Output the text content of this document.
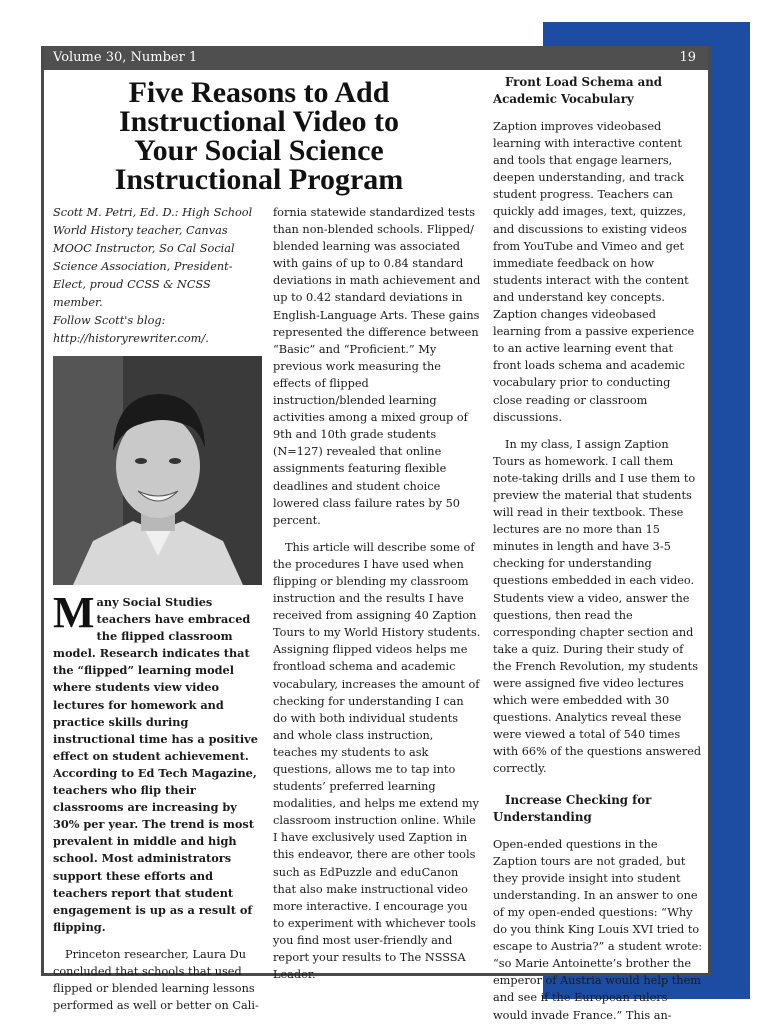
Volume 30, Number 1	19
Five Reasons to Add Instructional Video to Your Social Science Instructional Program

Scott M. Petri, Ed. D.: High School World History teacher, Canvas MOOC Instructor, So Cal Social Science Association, President-Elect, proud CCSS & NCSS member.

Follow Scott's blog:

http://historyrewriter.com/.

Many Social Studies teachers have embraced the flipped classroom model. Research indicates that the “flipped” learning model where students view video lectures for homework and practice skills during instructional time has a positive effect on student achievement. According to Ed Tech Magazine, teachers who flip their classrooms are increasing by 30% per year. The trend is most prevalent in middle and high school. Most administrators support these efforts and teachers report that student engagement is up as a result of flipping.

Princeton researcher, Laura Du concluded that schools that used flipped or blended learning lessons performed as well or better on Cali-

fornia statewide standardized tests than non-blended schools. Flipped/ blended learning was associated with gains of up to 0.84 standard deviations in math achievement and up to 0.42 standard deviations in English-Language Arts. These gains represented the difference between “Basic” and “Proficient.” My previous work measuring the effects of flipped instruction/blended learning activities among a mixed group of 9th and 10th grade students (N=127) revealed that online assignments featuring flexible deadlines and student choice lowered class failure rates by 50 percent.

This article will describe some of the procedures I have used when flipping or blending my classroom instruction and the results I have received from assigning 40 Zaption Tours to my World History students. Assigning flipped videos helps me frontload schema and academic vocabulary, increases the amount of checking for understanding I can do with both individual students and whole class instruction, teaches my students to ask questions, allows me to tap into students’ preferred learning modalities, and helps me extend my classroom instruction online. While I have exclusively used Zaption in this endeavor, there are other tools such as EdPuzzle and eduCanon that also make instructional video more interactive. I encourage you to experiment with whichever tools you find most user-friendly and report your results to The NSSSA Leader.

Front Load Schema and Academic Vocabulary

Zaption improves videobased learning with interactive content and tools that engage learners, deepen understanding, and track student progress. Teachers can quickly add images, text, quizzes, and discussions to existing videos from YouTube and Vimeo and get immediate feedback on how students interact with the content and understand key concepts. Zaption changes videobased learning from a passive experience to an active learning event that front loads schema and academic vocabulary prior to conducting close reading or classroom discussions.

In my class, I assign Zaption Tours as homework. I call them note-taking drills and I use them to preview the material that students will read in their textbook. These lectures are no more than 15 minutes in length and have 3-5 checking for understanding questions embedded in each video. Students view a video, answer the questions, then read the corresponding chapter section and take a quiz. During their study of the French Revolution, my students were assigned five video lectures which were embedded with 30 questions. Analytics reveal these were viewed a total of 540 times with 66% of the questions answered correctly.

Increase Checking for Understanding

Open-ended questions in the Zaption tours are not graded, but they provide insight into student understanding. In an answer to one of my open-ended questions: “Why do you think King Louis XVI tried to escape to Austria?” a student wrote: “so Marie Antoinette’s brother the emperor of Austria would help them and see if the European rulers would invade France.” This an-
